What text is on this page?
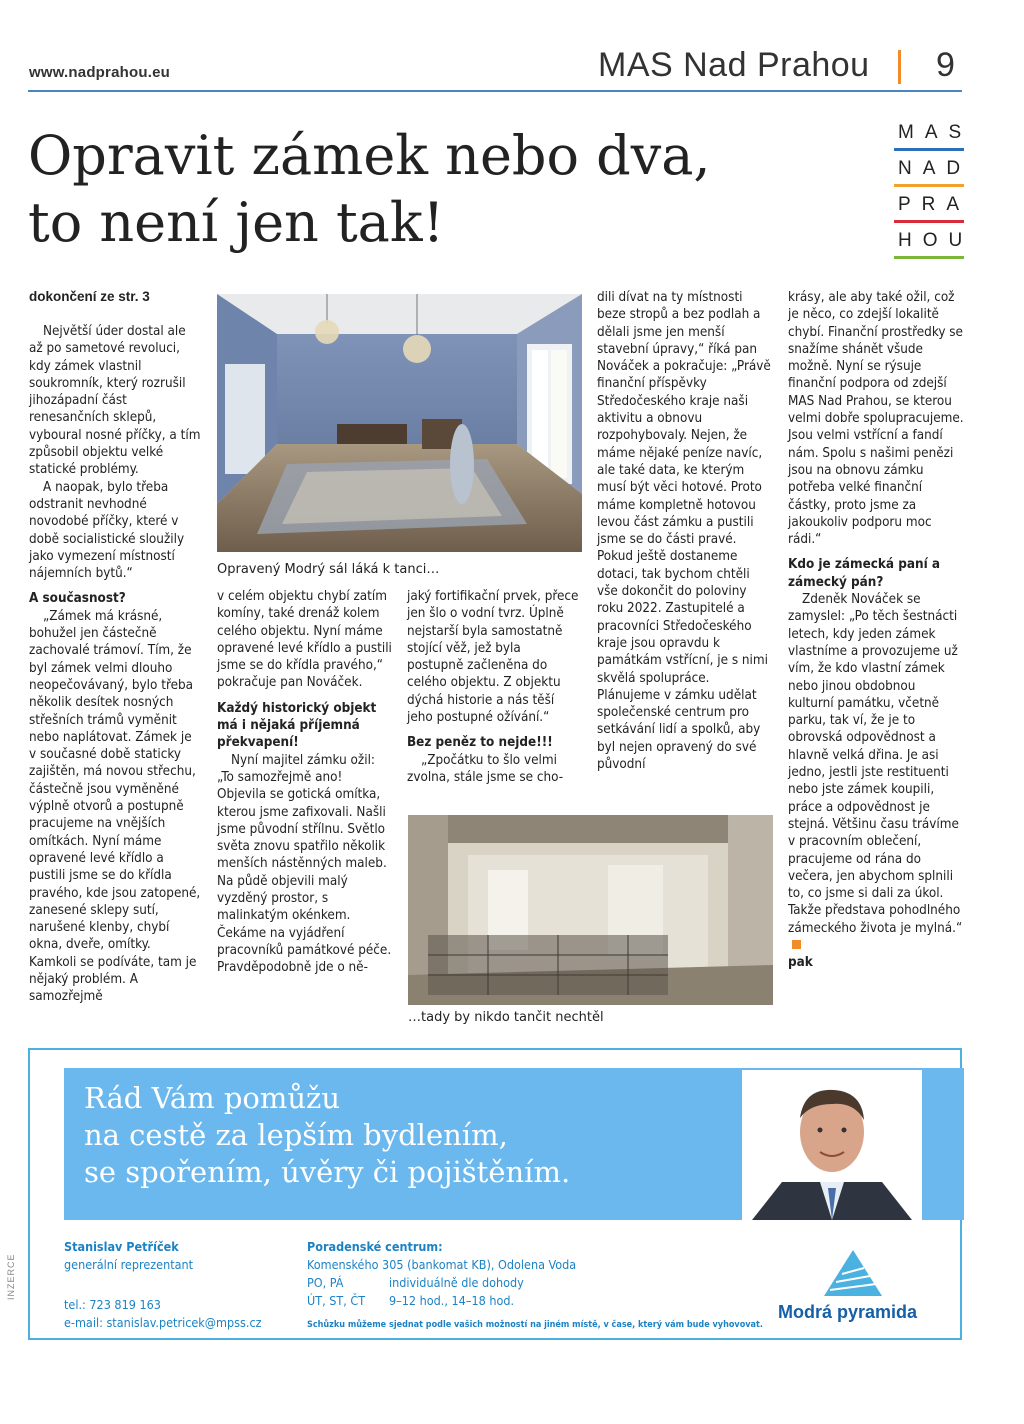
www.nadprahou.eu	MAS Nad Prahou 9
Opravit zámek nebo dva,
to není jen tak!
MAS
NAD
PRA
HOU
dokončení ze str. 3

Největší úder dostal ale až po sametové revoluci, kdy zámek vlastnil soukromník, který rozrušil jihozápadní část renesančních sklepů, vyboural nosné příčky, a tím způsobil objektu velké statické problémy.

A naopak, bylo třeba odstranit nevhodné novodobé příčky, které v době socialistické sloužily jako vymezení místností nájemních bytů.“

A současnost?

„Zámek má krásné, bohužel jen částečně zachovalé trámoví. Tím, že byl zámek velmi dlouho neopečovávaný, bylo třeba několik desítek nosných střešních trámů vyměnit nebo naplátovat. Zámek je v současné době staticky zajištěn, má novou střechu, částečně jsou vyměněné výplně otvorů a postupně pracujeme na vnějších omítkách. Nyní máme opravené levé křídlo a pustili jsme se do křídla pravého, kde jsou zatopené, zanesené sklepy sutí, narušené klenby, chybí okna, dveře, omítky. Kamkoli se podíváte, tam je nějaký problém. A samozřejmě

v celém objektu chybí zatím komíny, také drenáž kolem celého objektu. Nyní máme opravené levé křídlo a pustili jsme se do křídla pravého,“ pokračuje pan Nováček.

Každý historický objekt má i nějaká příjemná překvapení!

Nyní majitel zámku ožil: „To samozřejmě ano! Objevila se gotická omítka, kterou jsme zafixovali. Našli jsme původní střílnu. Světlo světa znovu spatřilo několik menších nástěnných maleb. Na půdě objevili malý vyzděný prostor, s malinkatým okénkem. Čekáme na vyjádření pracovníků památkové péče. Pravděpodobně jde o ně-

jaký fortifikační prvek, přece jen šlo o vodní tvrz. Úplně nejstarší byla samostatně stojící věž, jež byla postupně začleněna do celého objektu. Z objektu dýchá historie a nás těší jeho postupné ožívání.“

Bez peněz to nejde!!!

„Zpočátku to šlo velmi zvolna, stále jsme se cho-

dili dívat na ty místnosti beze stropů a bez podlah a dělali jsme jen menší stavební úpravy,“ říká pan Nováček a pokračuje: „Právě finanční příspěvky Středočeského kraje naši aktivitu a obnovu rozpohybovaly. Nejen, že máme nějaké peníze navíc, ale také data, ke kterým musí být věci hotové. Proto máme kompletně hotovou levou část zámku a pustili jsme se do části pravé. Pokud ještě dostaneme dotaci, tak bychom chtěli vše dokončit do poloviny roku 2022. Zastupitelé a pracovníci Středočeského kraje jsou opravdu k památkám vstřícní, je s nimi skvělá spolupráce. Plánujeme v zámku udělat společenské centrum pro setkávání lidí a spolků, aby byl nejen opravený do své původní

krásy, ale aby také ožil, což je něco, co zdejší lokalitě chybí. Finanční prostředky se snažíme shánět všude možně. Nyní se rýsuje finanční podpora od zdejší MAS Nad Prahou, se kterou velmi dobře spolupracujeme. Jsou velmi vstřícní a fandí nám. Spolu s našimi penězi jsou na obnovu zámku potřeba velké finanční částky, proto jsme za jakoukoliv podporu moc rádi.“

Kdo je zámecká paní a zámecký pán?

Zdeněk Nováček se zamyslel: „Po těch šestnácti letech, kdy jeden zámek vlastníme a provozujeme už vím, že kdo vlastní zámek nebo jinou obdobnou kulturní památku, včetně parku, tak ví, že je to obrovská odpovědnost a hlavně velká dřina. Je asi jedno, jestli jste restituenti nebo jste zámek koupili, práce a odpovědnost je stejná. Většinu času trávíme v pracovním oblečení, pracujeme od rána do večera, jen abychom splnili to, co jsme si dali za úkol. Takže představa pohodlného zámeckého života je mylná.“

pak
Opravený Modrý sál láká k tanci…
…tady by nikdo tančit nechtěl
Rád Vám pomůžu
na cestě za lepším bydlením,
se spořením, úvěry či pojištěním.
Stanislav Petříček
generální reprezentant
tel.: 723 819 163
e-mail: stanislav.petricek@mpss.cz
Poradenské centrum:
Komenského 305 (bankomat KB), Odolena Voda
PO, PÁ	individuálně dle dohody
ÚT, ST, ČT 9–12 hod., 14–18 hod.
Schůzku můžeme sjednat podle vašich možností na jiném místě, v čase, který vám bude vyhovovat.
Modrá pyramida
INZERCE
